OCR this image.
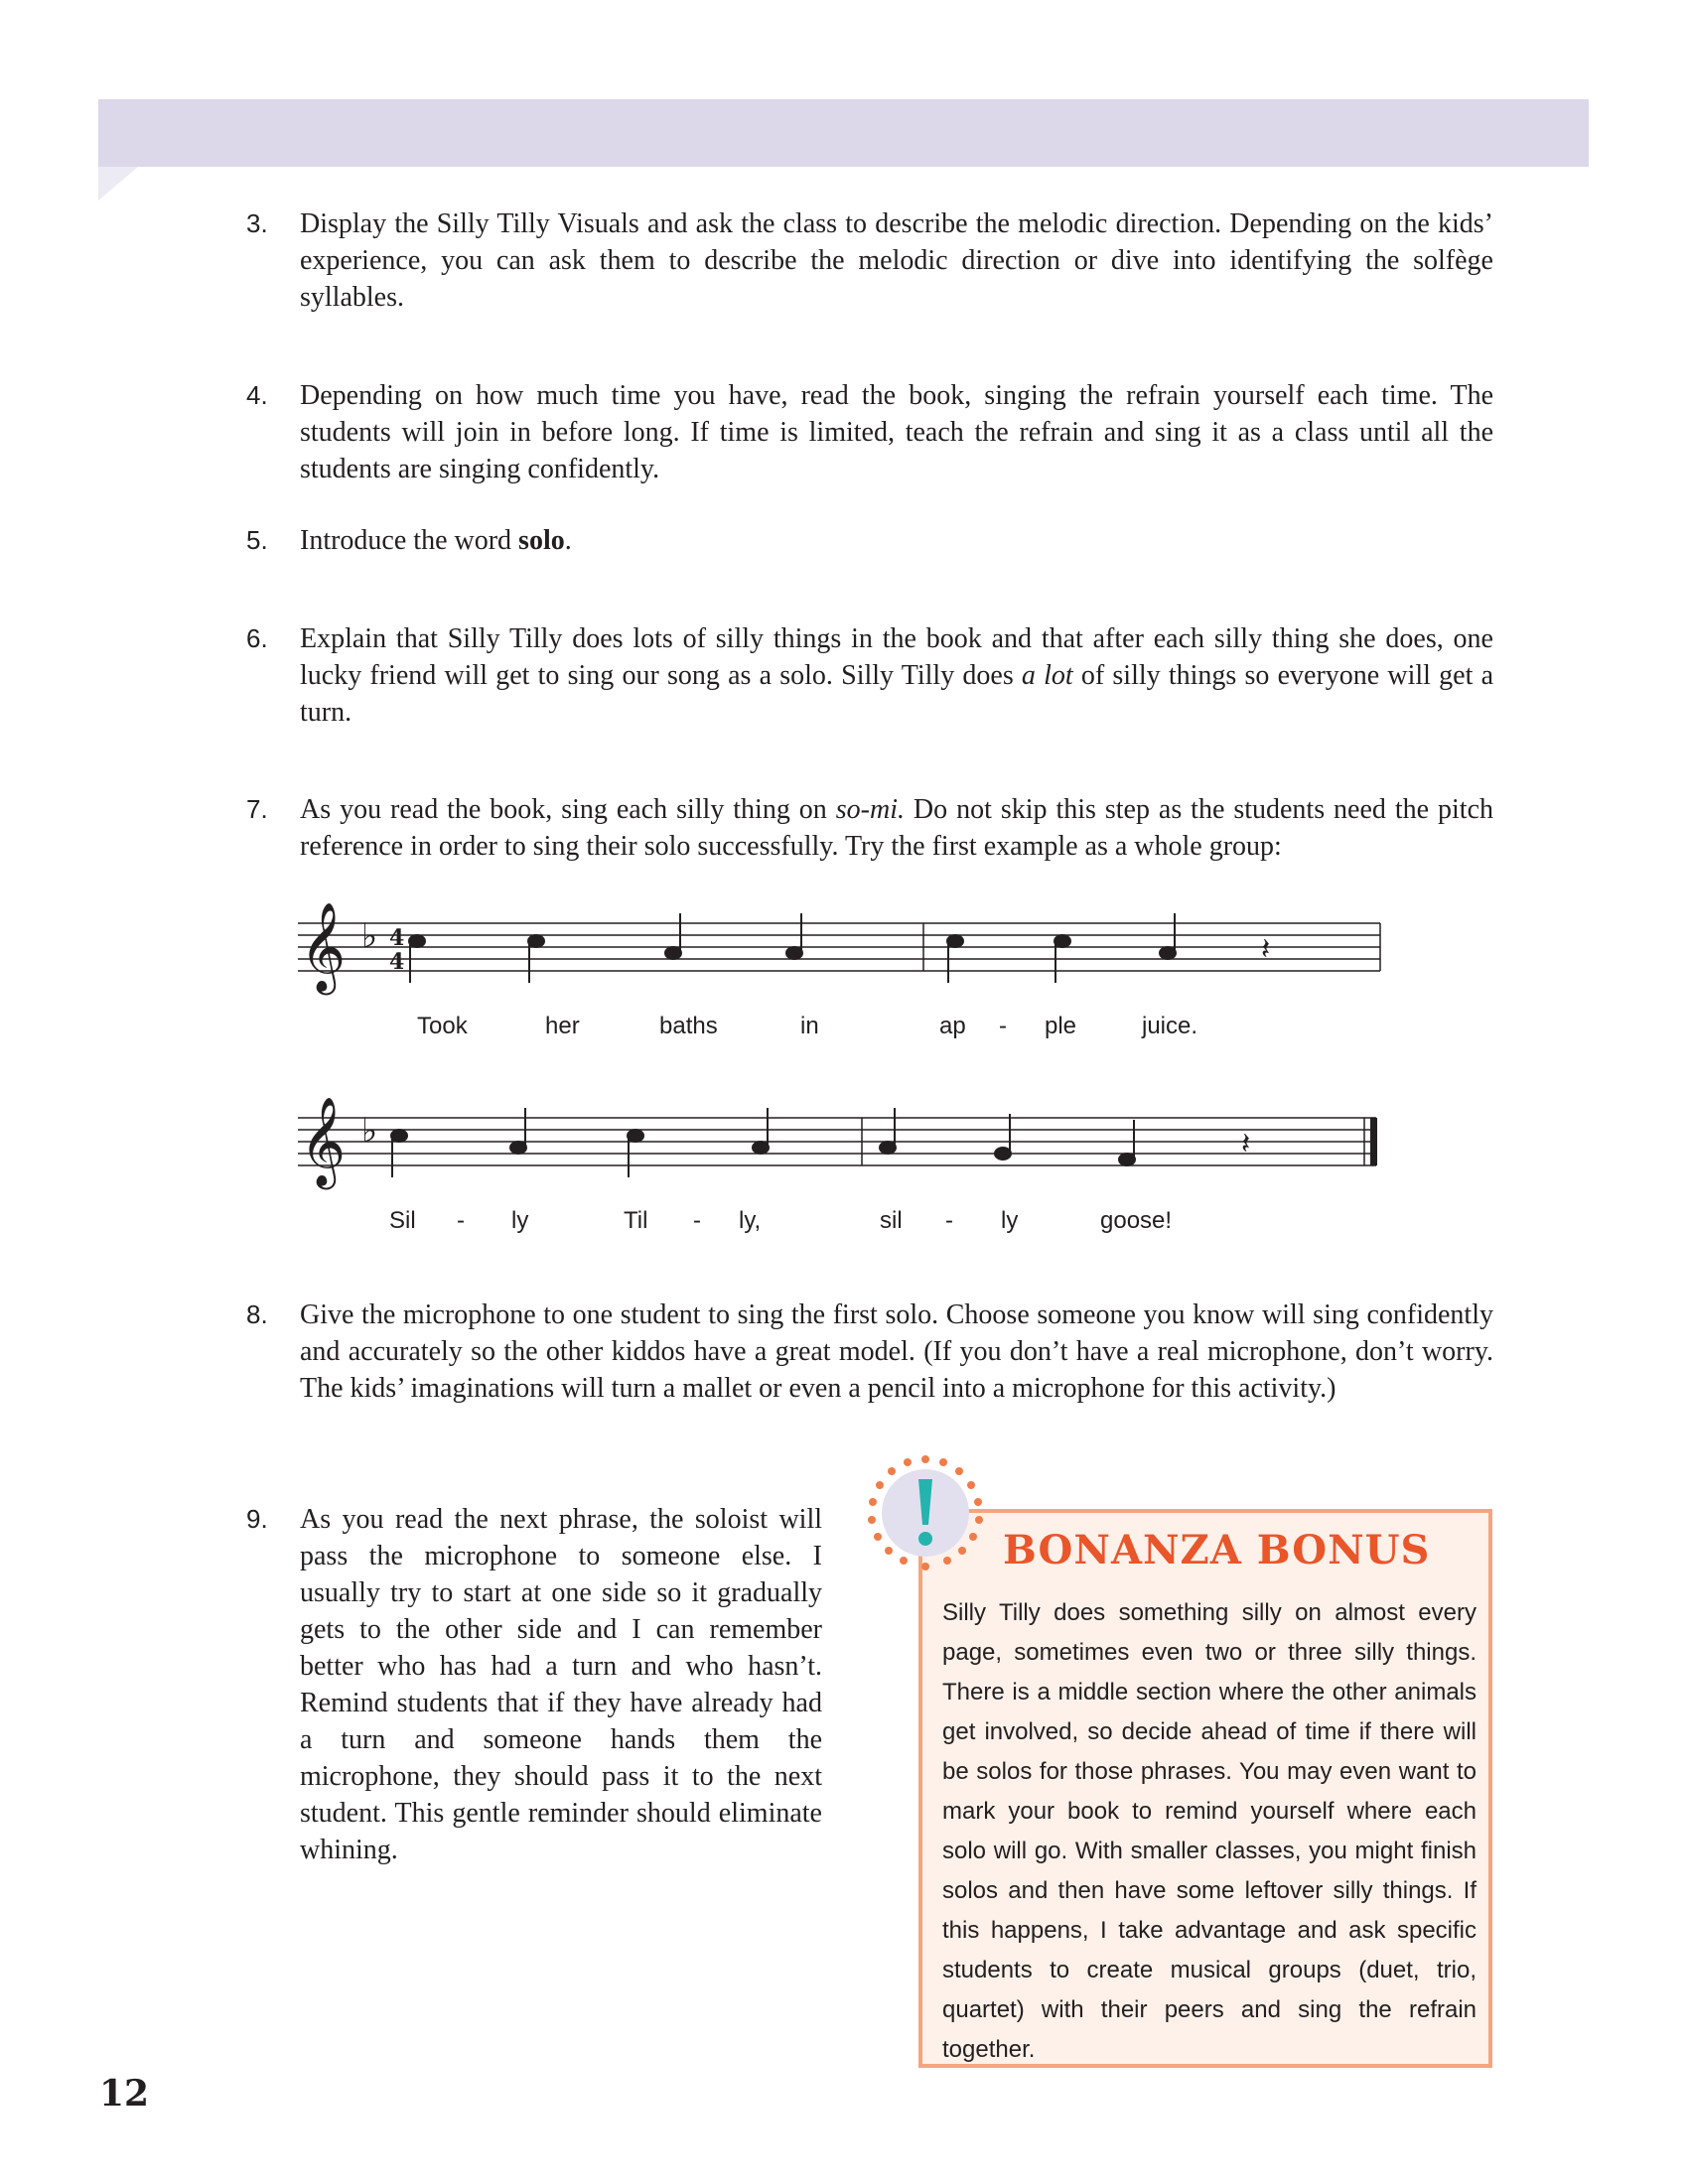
3. Display the Silly Tilly Visuals and ask the class to describe the melodic direction. Depending on the kids’ experience, you can ask them to describe the melodic direction or dive into identifying the solfège syllables.
4. Depending on how much time you have, read the book, singing the refrain yourself each time. The students will join in before long. If time is limited, teach the refrain and sing it as a class until all the students are singing confidently.
5. Introduce the word solo.
6. Explain that Silly Tilly does lots of silly things in the book and that after each silly thing she does, one lucky friend will get to sing our song as a solo. Silly Tilly does a lot of silly things so everyone will get a turn.
7. As you read the book, sing each silly thing on so-mi. Do not skip this step as the students need the pitch reference in order to sing their solo successfully. Try the first example as a whole group:
𝄞 ♭ 4
4	𝄽
Took	her	baths	in	ap - ple	juice.
𝄞 ♭	𝄽
Sil - ly	Til - ly,	sil - ly	goose!
8. Give the microphone to one student to sing the first solo. Choose someone you know will sing confidently and accurately so the other kiddos have a great model. (If you don’t have a real microphone, don’t worry. The kids’ imaginations will turn a mallet or even a pencil into a microphone for this activity.)
9. As you read the next phrase, the soloist will pass the microphone to someone else. I usually try to start at one side so it gradually gets to the other side and I can remember better who has had a turn and who hasn’t. Remind students that if they have already had a turn and someone hands them the microphone, they should pass it to the next student. This gentle reminder should eliminate whining.
BONANZA BONUS
Silly Tilly does something silly on almost every page, sometimes even two or three silly things. There is a middle section where the other animals get involved, so decide ahead of time if there will be solos for those phrases. You may even want to mark your book to remind yourself where each solo will go. With smaller classes, you might finish solos and then have some leftover silly things. If this happens, I take advantage and ask specific students to create musical groups (duet, trio, quartet) with their peers and sing the refrain together.
12
